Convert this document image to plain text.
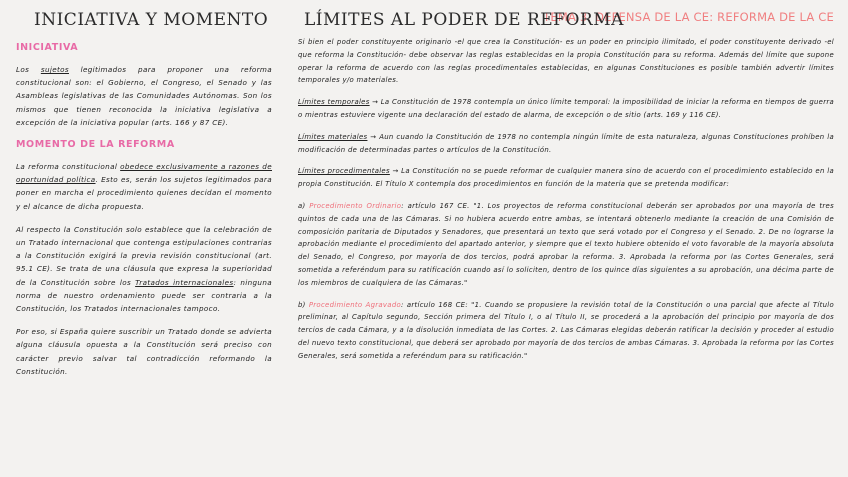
INICIATIVA Y MOMENTO
INICIATIVA

Los sujetos legitimados para proponer una reforma constitucional son: el Gobierno, el Congreso, el Senado y las Asambleas legislativas de las Comunidades Autónomas. Son los mismos que tienen reconocida la iniciativa legislativa a excepción de la iniciativa popular (arts. 166 y 87 CE).

MOMENTO DE LA REFORMA

La reforma constitucional obedece exclusivamente a razones de oportunidad política. Esto es, serán los sujetos legitimados para poner en marcha el procedimiento quienes decidan el momento y el alcance de dicha propuesta.

Al respecto la Constitución solo establece que la celebración de un Tratado internacional que contenga estipulaciones contrarias a la Constitución exigirá la previa revisión constitucional (art. 95.1 CE). Se trata de una cláusula que expresa la superioridad de la Constitución sobre los Tratados internacionales: ninguna norma de nuestro ordenamiento puede ser contraria a la Constitución, los Tratados internacionales tampoco.

Por eso, si España quiere suscribir un Tratado donde se advierta alguna cláusula opuesta a la Constitución será preciso con carácter previo salvar tal contradicción reformando la Constitución.

TEMA 3. DEFENSA DE LA CE: REFORMA DE LA CE
LÍMITES AL PODER DE REFORMA

Si bien el poder constituyente originario -el que crea la Constitución- es un poder en principio ilimitado, el poder constituyente derivado -el que reforma la Constitución- debe observar las reglas establecidas en la propia Constitución para su reforma. Además del límite que supone operar la reforma de acuerdo con las reglas procedimentales establecidas, en algunas Constituciones es posible también advertir límites temporales y/o materiales.

Límites temporales → La Constitución de 1978 contempla un único límite temporal: la imposibilidad de iniciar la reforma en tiempos de guerra o mientras estuviere vigente una declaración del estado de alarma, de excepción o de sitio (arts. 169 y 116 CE).

Límites materiales → Aun cuando la Constitución de 1978 no contempla ningún límite de esta naturaleza, algunas Constituciones prohíben la modificación de determinadas partes o artículos de la Constitución.

Límites procedimentales → La Constitución no se puede reformar de cualquier manera sino de acuerdo con el procedimiento establecido en la propia Constitución. El Título X contempla dos procedimientos en función de la materia que se pretenda modificar:

a) Procedimiento Ordinario: artículo 167 CE. "1. Los proyectos de reforma constitucional deberán ser aprobados por una mayoría de tres quintos de cada una de las Cámaras. Si no hubiera acuerdo entre ambas, se intentará obtenerlo mediante la creación de una Comisión de composición paritaria de Diputados y Senadores, que presentará un texto que será votado por el Congreso y el Senado. 2. De no lograrse la aprobación mediante el procedimiento del apartado anterior, y siempre que el texto hubiere obtenido el voto favorable de la mayoría absoluta del Senado, el Congreso, por mayoría de dos tercios, podrá aprobar la reforma. 3. Aprobada la reforma por las Cortes Generales, será sometida a referéndum para su ratificación cuando así lo soliciten, dentro de los quince días siguientes a su aprobación, una décima parte de los miembros de cualquiera de las Cámaras."

b) Procedimiento Agravado: artículo 168 CE: "1. Cuando se propusiere la revisión total de la Constitución o una parcial que afecte al Título preliminar, al Capítulo segundo, Sección primera del Título I, o al Título II, se procederá a la aprobación del principio por mayoría de dos tercios de cada Cámara, y a la disolución inmediata de las Cortes. 2. Las Cámaras elegidas deberán ratificar la decisión y proceder al estudio del nuevo texto constitucional, que deberá ser aprobado por mayoría de dos tercios de ambas Cámaras. 3. Aprobada la reforma por las Cortes Generales, será sometida a referéndum para su ratificación."
